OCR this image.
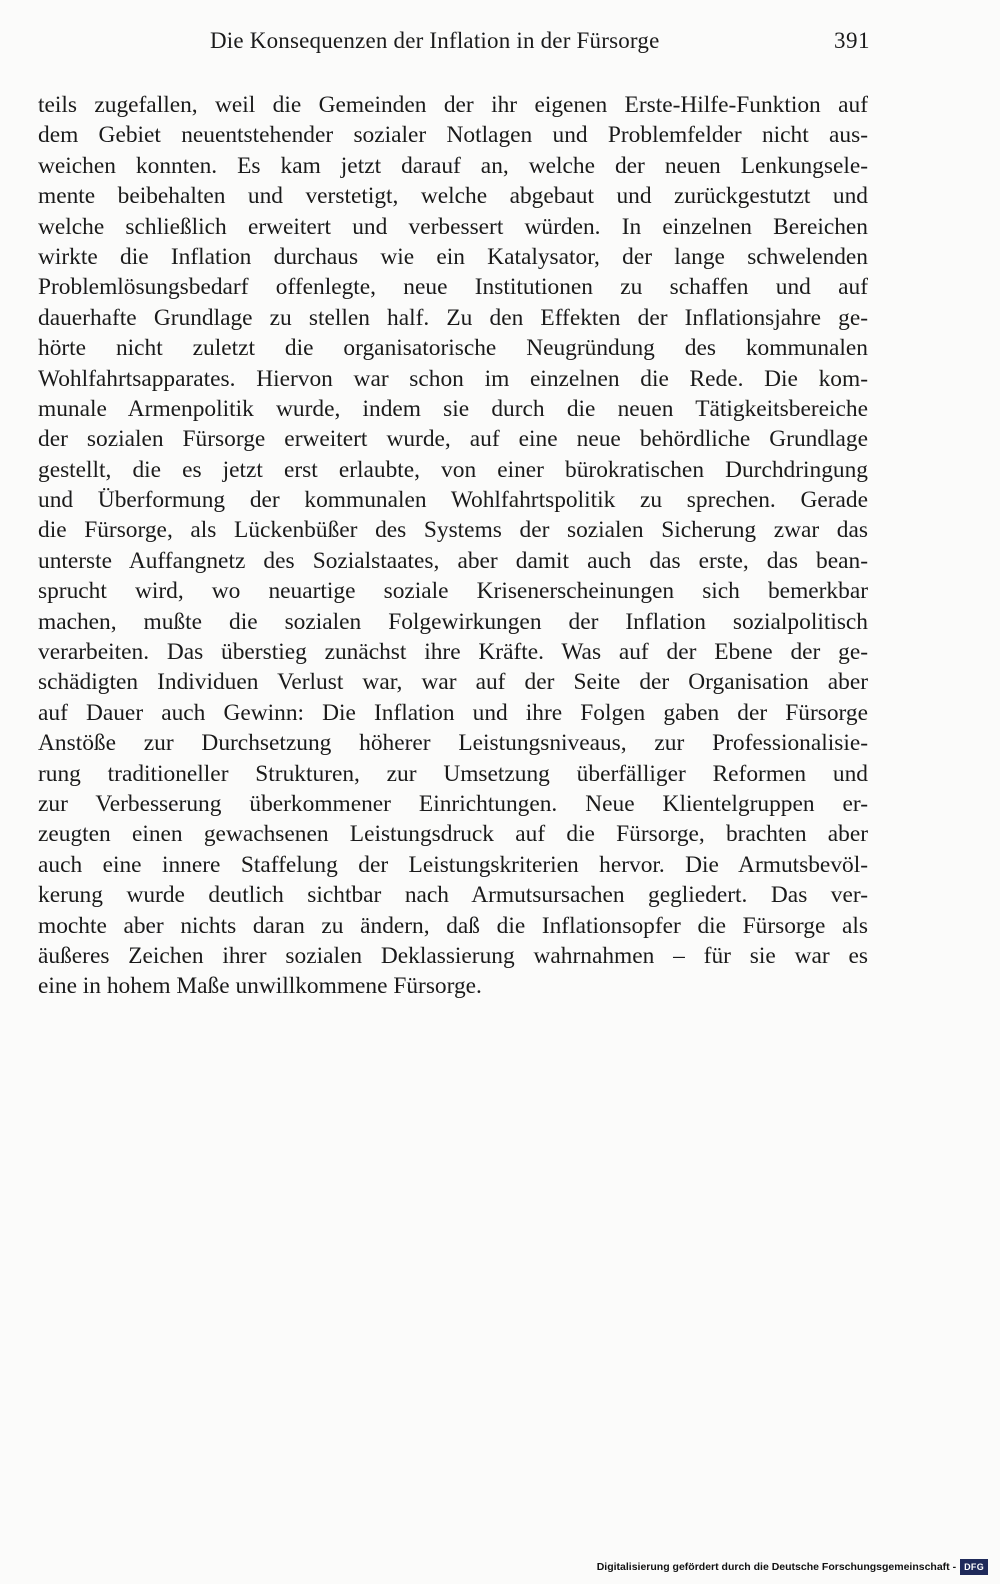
Die Konsequenzen der Inflation in der Fürsorge	391
teils zugefallen, weil die Gemeinden der ihr eigenen Erste-Hilfe-Funktion auf
dem Gebiet neuentstehender sozialer Notlagen und Problemfelder nicht aus-
weichen konnten. Es kam jetzt darauf an, welche der neuen Lenkungsele-
mente beibehalten und verstetigt, welche abgebaut und zurückgestutzt und
welche schließlich erweitert und verbessert würden. In einzelnen Bereichen
wirkte die Inflation durchaus wie ein Katalysator, der lange schwelenden
Problemlösungsbedarf offenlegte, neue Institutionen zu schaffen und auf
dauerhafte Grundlage zu stellen half. Zu den Effekten der Inflationsjahre ge-
hörte nicht zuletzt die organisatorische Neugründung des kommunalen
Wohlfahrtsapparates. Hiervon war schon im einzelnen die Rede. Die kom-
munale Armenpolitik wurde, indem sie durch die neuen Tätigkeitsbereiche
der sozialen Fürsorge erweitert wurde, auf eine neue behördliche Grundlage
gestellt, die es jetzt erst erlaubte, von einer bürokratischen Durchdringung
und Überformung der kommunalen Wohlfahrtspolitik zu sprechen. Gerade
die Fürsorge, als Lückenbüßer des Systems der sozialen Sicherung zwar das
unterste Auffangnetz des Sozialstaates, aber damit auch das erste, das bean-
sprucht wird, wo neuartige soziale Krisenerscheinungen sich bemerkbar
machen, mußte die sozialen Folgewirkungen der Inflation sozialpolitisch
verarbeiten. Das überstieg zunächst ihre Kräfte. Was auf der Ebene der ge-
schädigten Individuen Verlust war, war auf der Seite der Organisation aber
auf Dauer auch Gewinn: Die Inflation und ihre Folgen gaben der Fürsorge
Anstöße zur Durchsetzung höherer Leistungsniveaus, zur Professionalisie-
rung traditioneller Strukturen, zur Umsetzung überfälliger Reformen und
zur Verbesserung überkommener Einrichtungen. Neue Klientelgruppen er-
zeugten einen gewachsenen Leistungsdruck auf die Fürsorge, brachten aber
auch eine innere Staffelung der Leistungskriterien hervor. Die Armutsbevöl-
kerung wurde deutlich sichtbar nach Armutsursachen gegliedert. Das ver-
mochte aber nichts daran zu ändern, daß die Inflationsopfer die Fürsorge als
äußeres Zeichen ihrer sozialen Deklassierung wahrnahmen – für sie war es
eine in hohem Maße unwillkommene Fürsorge.
Digitalisierung gefördert durch die Deutsche Forschungsgemeinschaft - DFG
